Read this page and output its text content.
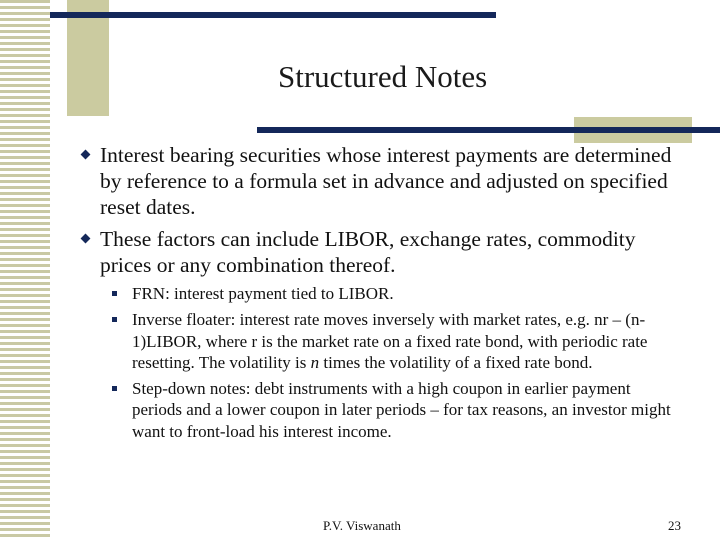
Structured Notes
Interest bearing securities whose interest payments are determined by reference to a formula set in advance and adjusted on specified reset dates.
These factors can include LIBOR, exchange rates, commodity prices or any combination thereof.
FRN: interest payment tied to LIBOR.
Inverse floater: interest rate moves inversely with market rates, e.g. nr – (n-1)LIBOR, where r is the market rate on a fixed rate bond, with periodic rate resetting. The volatility is n times the volatility of a fixed rate bond.
Step-down notes: debt instruments with a high coupon in earlier payment periods and a lower coupon in later periods – for tax reasons, an investor might want to front-load his interest income.
P.V. Viswanath	23
